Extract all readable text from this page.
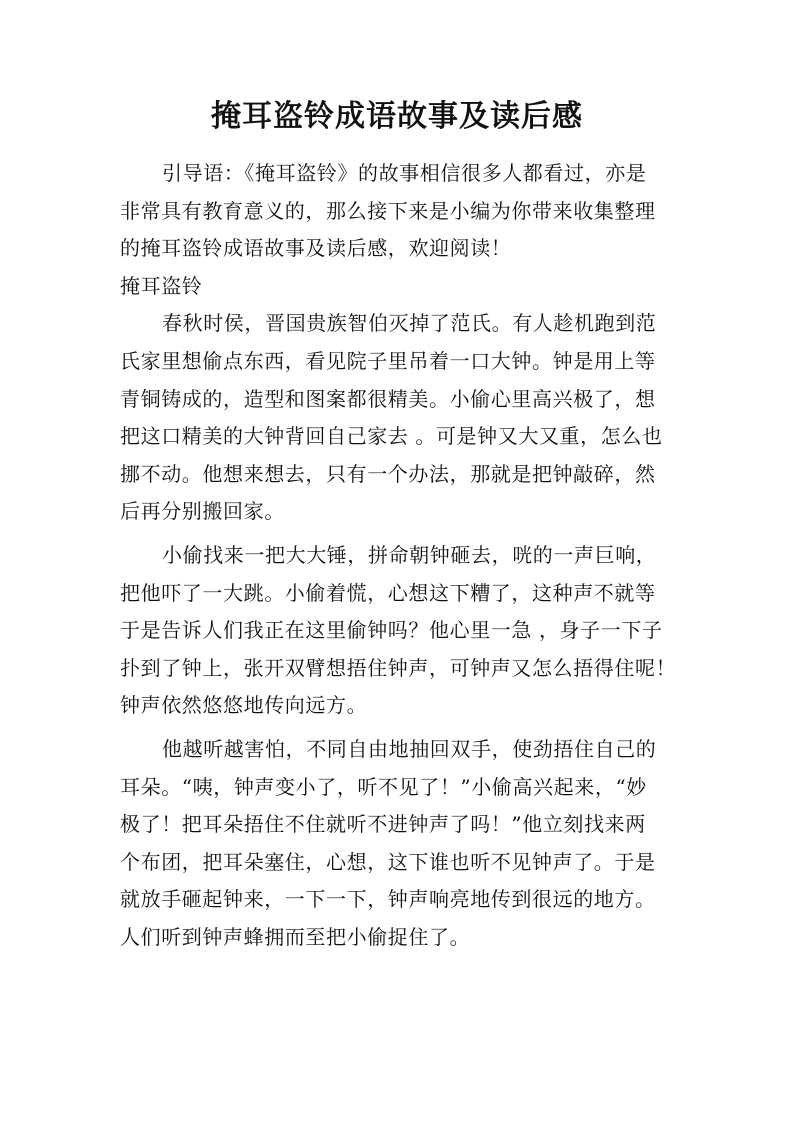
掩耳盗铃成语故事及读后感
引导语：《掩耳盗铃》的故事相信很多人都看过，亦是
非常具有教育意义的，那么接下来是小编为你带来收集整理
的掩耳盗铃成语故事及读后感，欢迎阅读！
掩耳盗铃
春秋时侯，晋国贵族智伯灭掉了范氏。有人趁机跑到范
氏家里想偷点东西，看见院子里吊着一口大钟。钟是用上等
青铜铸成的，造型和图案都很精美。小偷心里高兴极了，想
把这口精美的大钟背回自己家去 。可是钟又大又重，怎么也
挪不动。他想来想去，只有一个办法，那就是把钟敲碎，然
后再分别搬回家。
小偷找来一把大大锤，拼命朝钟砸去，咣的一声巨响，
把他吓了一大跳。小偷着慌，心想这下糟了，这种声不就等
于是告诉人们我正在这里偷钟吗？他心里一急 ，身子一下子
扑到了钟上，张开双臂想捂住钟声，可钟声又怎么捂得住呢！
钟声依然悠悠地传向远方。
他越听越害怕，不同自由地抽回双手，使劲捂住自己的
耳朵。“咦，钟声变小了，听不见了！”小偷高兴起来，“妙
极了！把耳朵捂住不住就听不进钟声了吗！”他立刻找来两
个布团，把耳朵塞住，心想，这下谁也听不见钟声了。于是
就放手砸起钟来，一下一下，钟声响亮地传到很远的地方。
人们听到钟声蜂拥而至把小偷捉住了。
